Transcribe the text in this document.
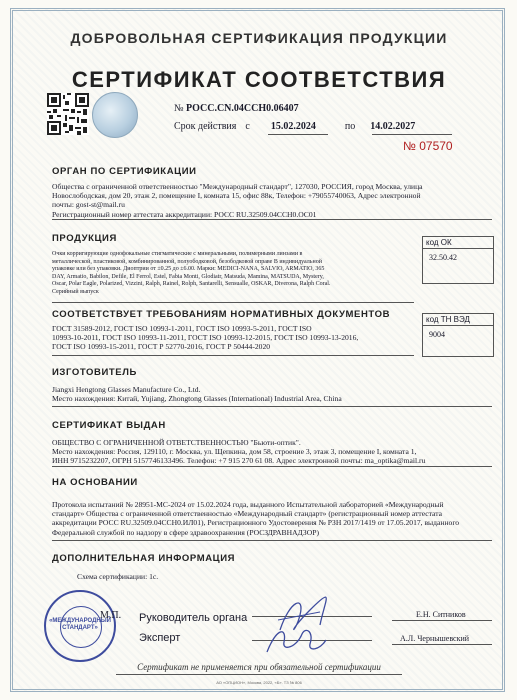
ДОБРОВОЛЬНАЯ СЕРТИФИКАЦИЯ ПРОДУКЦИИ
СЕРТИФИКАТ СООТВЕТСТВИЯ
№ РОСС.CN.04ССН0.06407
Срок действия с 15.02.2024	по 14.02.2027
№ 07570
ОРГАН ПО СЕРТИФИКАЦИИ
Общества с ограниченной ответственностью "Международный стандарт", 127030, РОССИЯ, город Москва, улица
Новослободская, дом 20, этаж 2, помещение I, комната 15, офис 88к, Телефон: +79055740063, Адрес электронной
почты: gost-st@mail.ru
Регистрационный номер аттестата аккредитации: РОСС RU.32509.04ССН0.ОС01
ПРОДУКЦИЯ
Очки корригирующие однофокальные стигматические с минеральными, полимерными линзами в
металлической, пластиковой, комбинированной, полуободковой, безободковой оправе В индивидуальной
упаковке или без упаковки. Диоптрии от ±0.25 до ±6.00. Марки: MEDICI-NANA, SALVIO, ARMATIO, 365
DAY, Armatio, Babilon, Defile, El Ferrol, Estel, Fabia Monti, Glodiatr, Matsuda, Mamina, MATSUDA, Mystery,
Oscar, Polar Eagle, Polarized, Vizzini, Ralph, Rainel, Rolph, Santarelli, Sensualle, OSKAR, Diverona, Ralph Coral.
Серийный выпуск
код ОК
32.50.42
СООТВЕТСТВУЕТ ТРЕБОВАНИЯМ НОРМАТИВНЫХ ДОКУМЕНТОВ
ГОСТ 31589-2012, ГОСТ ISO 10993-1-2011, ГОСТ ISO 10993-5-2011, ГОСТ ISO
10993-10-2011, ГОСТ ISO 10993-11-2011, ГОСТ ISO 10993-12-2015, ГОСТ ISO 10993-13-2016,
ГОСТ ISO 10993-15-2011, ГОСТ Р 52770-2016, ГОСТ Р 50444-2020
код ТН ВЭД
9004
ИЗГОТОВИТЕЛЬ
Jiangxi Hengtong Glasses Manufacture Co., Ltd.
Место нахождения: Китай, Yujiang, Zhongtong Glasses (International) Industrial Area, China
СЕРТИФИКАТ ВЫДАН
ОБЩЕСТВО С ОГРАНИЧЕННОЙ ОТВЕТСТВЕННОСТЬЮ "Бьюти-оптик".
Место нахождения: Россия, 129110, г. Москва, ул. Щепкина, дом 58, строение 3, этаж 3, помещение I, комната 1,
ИНН 9715232207, ОГРН 5157746133496. Телефон: +7 915 270 61 08. Адрес электронной почты: ma_optika@mail.ru
НА ОСНОВАНИИ
Протокола испытаний № 28951-МС-2024 от 15.02.2024 года, выданного Испытательной лабораторией «Международный
стандарт» Общества с ограниченной ответственностью «Международный стандарт» (регистрационный номер аттестата
аккредитации РОСС RU.32509.04ССН0.ИЛ01), Регистрационного Удостоверения № РЗН 2017/1419 от 17.05.2017, выданного
Федеральной службой по надзору в сфере здравоохранения (РОСЗДРАВНАДЗОР)
ДОПОЛНИТЕЛЬНАЯ ИНФОРМАЦИЯ
Схема сертификации: 1с.
«МЕЖДУНАРОДНЫЙ
СТАНДАРТ»
М.П. Руководитель органа
Эксперт
Е.Н. Ситников
А.Л. Чернышевский
Сертификат не применяется при обязательной сертификации
АО «ОПЦИОН», Москва, 2022, «Б». ТЗ № 806
